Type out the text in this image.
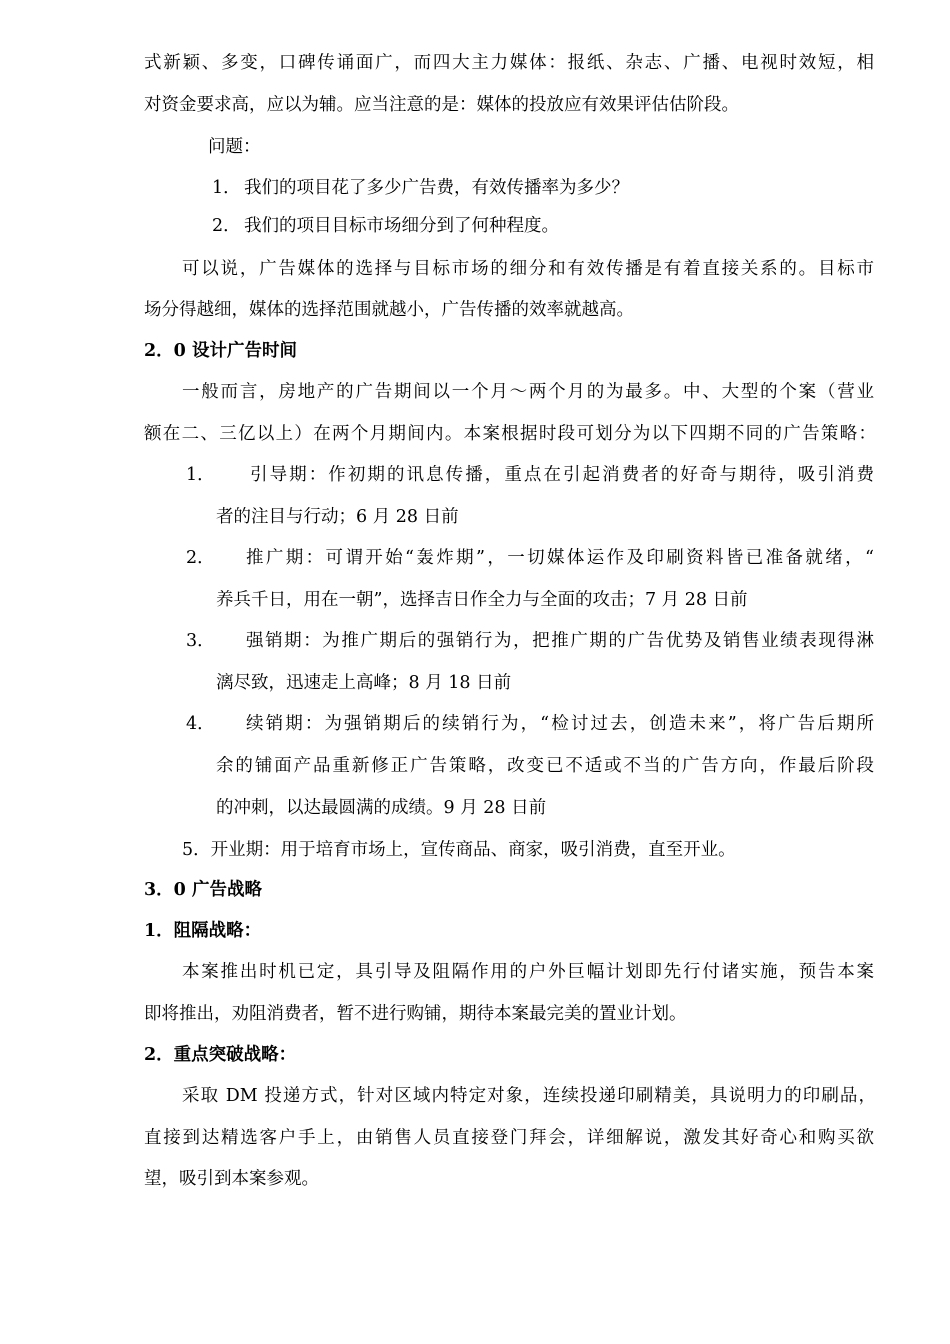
式新颖、多变，口碑传诵面广，而四大主力媒体：报纸、杂志、广播、电视时效短，相
对资金要求高，应以为辅。应当注意的是：媒体的投放应有效果评估估阶段。
问题：
1． 我们的项目花了多少广告费，有效传播率为多少？
2． 我们的项目目标市场细分到了何种程度。
可以说，广告媒体的选择与目标市场的细分和有效传播是有着直接关系的。目标市
场分得越细，媒体的选择范围就越小，广告传播的效率就越高。
2．0 设计广告时间
一般而言，房地产的广告期间以一个月～两个月的为最多。中、大型的个案（营业
额在二、三亿以上）在两个月期间内。本案根据时段可划分为以下四期不同的广告策略：
1． 引导期：作初期的讯息传播，重点在引起消费者的好奇与期待，吸引消费
者的注目与行动；6 月 28 日前
2． 推广期：可谓开始“轰炸期”，一切媒体运作及印刷资料皆已准备就绪，“
养兵千日，用在一朝”，选择吉日作全力与全面的攻击；7 月 28 日前
3． 强销期：为推广期后的强销行为，把推广期的广告优势及销售业绩表现得淋
漓尽致，迅速走上高峰；8 月 18 日前
4． 续销期：为强销期后的续销行为，“检讨过去，创造未来”，将广告后期所
余的铺面产品重新修正广告策略，改变已不适或不当的广告方向，作最后阶段
的冲刺，以达最圆满的成绩。9 月 28 日前
5．开业期：用于培育市场上，宣传商品、商家，吸引消费，直至开业。
3．0 广告战略
1．阻隔战略：
本案推出时机已定，具引导及阻隔作用的户外巨幅计划即先行付诸实施，预告本案
即将推出，劝阻消费者，暂不进行购铺，期待本案最完美的置业计划。
2．重点突破战略：
采取 DM 投递方式，针对区域内特定对象，连续投递印刷精美，具说明力的印刷品，
直接到达精选客户手上，由销售人员直接登门拜会，详细解说，激发其好奇心和购买欲
望，吸引到本案参观。
